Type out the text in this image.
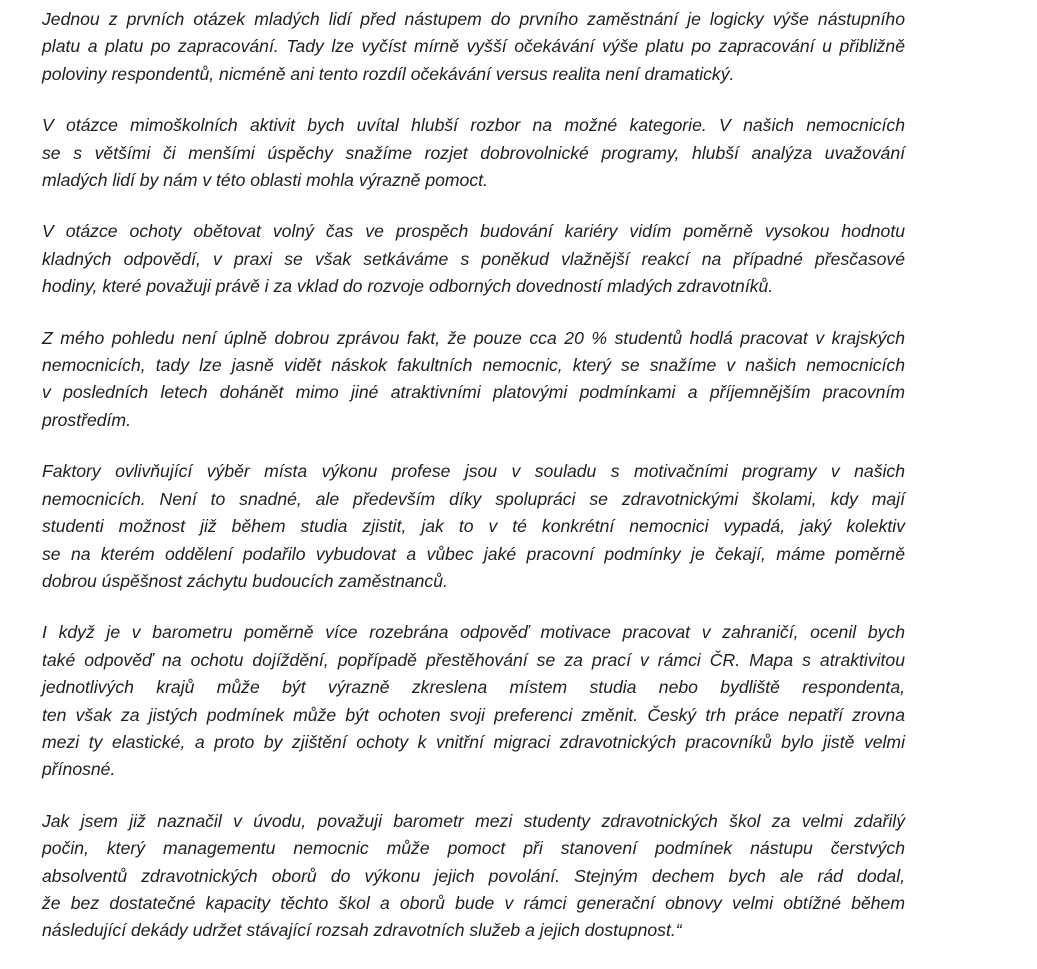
Jednou z prvních otázek mladých lidí před nástupem do prvního zaměstnání je logicky výše nástupního
platu a platu po zapracování. Tady lze vyčíst mírně vyšší očekávání výše platu po zapracování u přibližně
poloviny respondentů, nicméně ani tento rozdíl očekávání versus realita není dramatický.

V otázce mimoškolních aktivit bych uvítal hlubší rozbor na možné kategorie. V našich nemocnicích
se s většími či menšími úspěchy snažíme rozjet dobrovolnické programy, hlubší analýza uvažování
mladých lidí by nám v této oblasti mohla výrazně pomoct.

V otázce ochoty obětovat volný čas ve prospěch budování kariéry vidím poměrně vysokou hodnotu
kladných odpovědí, v praxi se však setkáváme s poněkud vlažnější reakcí na případné přesčasové
hodiny, které považuji právě i za vklad do rozvoje odborných dovedností mladých zdravotníků.

Z mého pohledu není úplně dobrou zprávou fakt, že pouze cca 20 % studentů hodlá pracovat v krajských
nemocnicích, tady lze jasně vidět náskok fakultních nemocnic, který se snažíme v našich nemocnicích
v posledních letech dohánět mimo jiné atraktivními platovými podmínkami a příjemnějším pracovním
prostředím.

Faktory ovlivňující výběr místa výkonu profese jsou v souladu s motivačními programy v našich
nemocnicích. Není to snadné, ale především díky spolupráci se zdravotnickými školami, kdy mají
studenti možnost již během studia zjistit, jak to v té konkrétní nemocnici vypadá, jaký kolektiv
se na kterém oddělení podařilo vybudovat a vůbec jaké pracovní podmínky je čekají, máme poměrně
dobrou úspěšnost záchytu budoucích zaměstnanců.

I když je v barometru poměrně více rozebrána odpověď motivace pracovat v zahraničí, ocenil bych
také odpověď na ochotu dojíždění, popřípadě přestěhování se za prací v rámci ČR. Mapa s atraktivitou
jednotlivých krajů může být výrazně zkreslena místem studia nebo bydliště respondenta,
ten však za jistých podmínek může být ochoten svoji preferenci změnit. Český trh práce nepatří zrovna
mezi ty elastické, a proto by zjištění ochoty k vnitřní migraci zdravotnických pracovníků bylo jistě velmi
přínosné.

Jak jsem již naznačil v úvodu, považuji barometr mezi studenty zdravotnických škol za velmi zdařilý
počin, který managementu nemocnic může pomoct při stanovení podmínek nástupu čerstvých
absolventů zdravotnických oborů do výkonu jejich povolání. Stejným dechem bych ale rád dodal,
že bez dostatečné kapacity těchto škol a oborů bude v rámci generační obnovy velmi obtížné během
následující dekády udržet stávající rozsah zdravotních služeb a jejich dostupnost.“
